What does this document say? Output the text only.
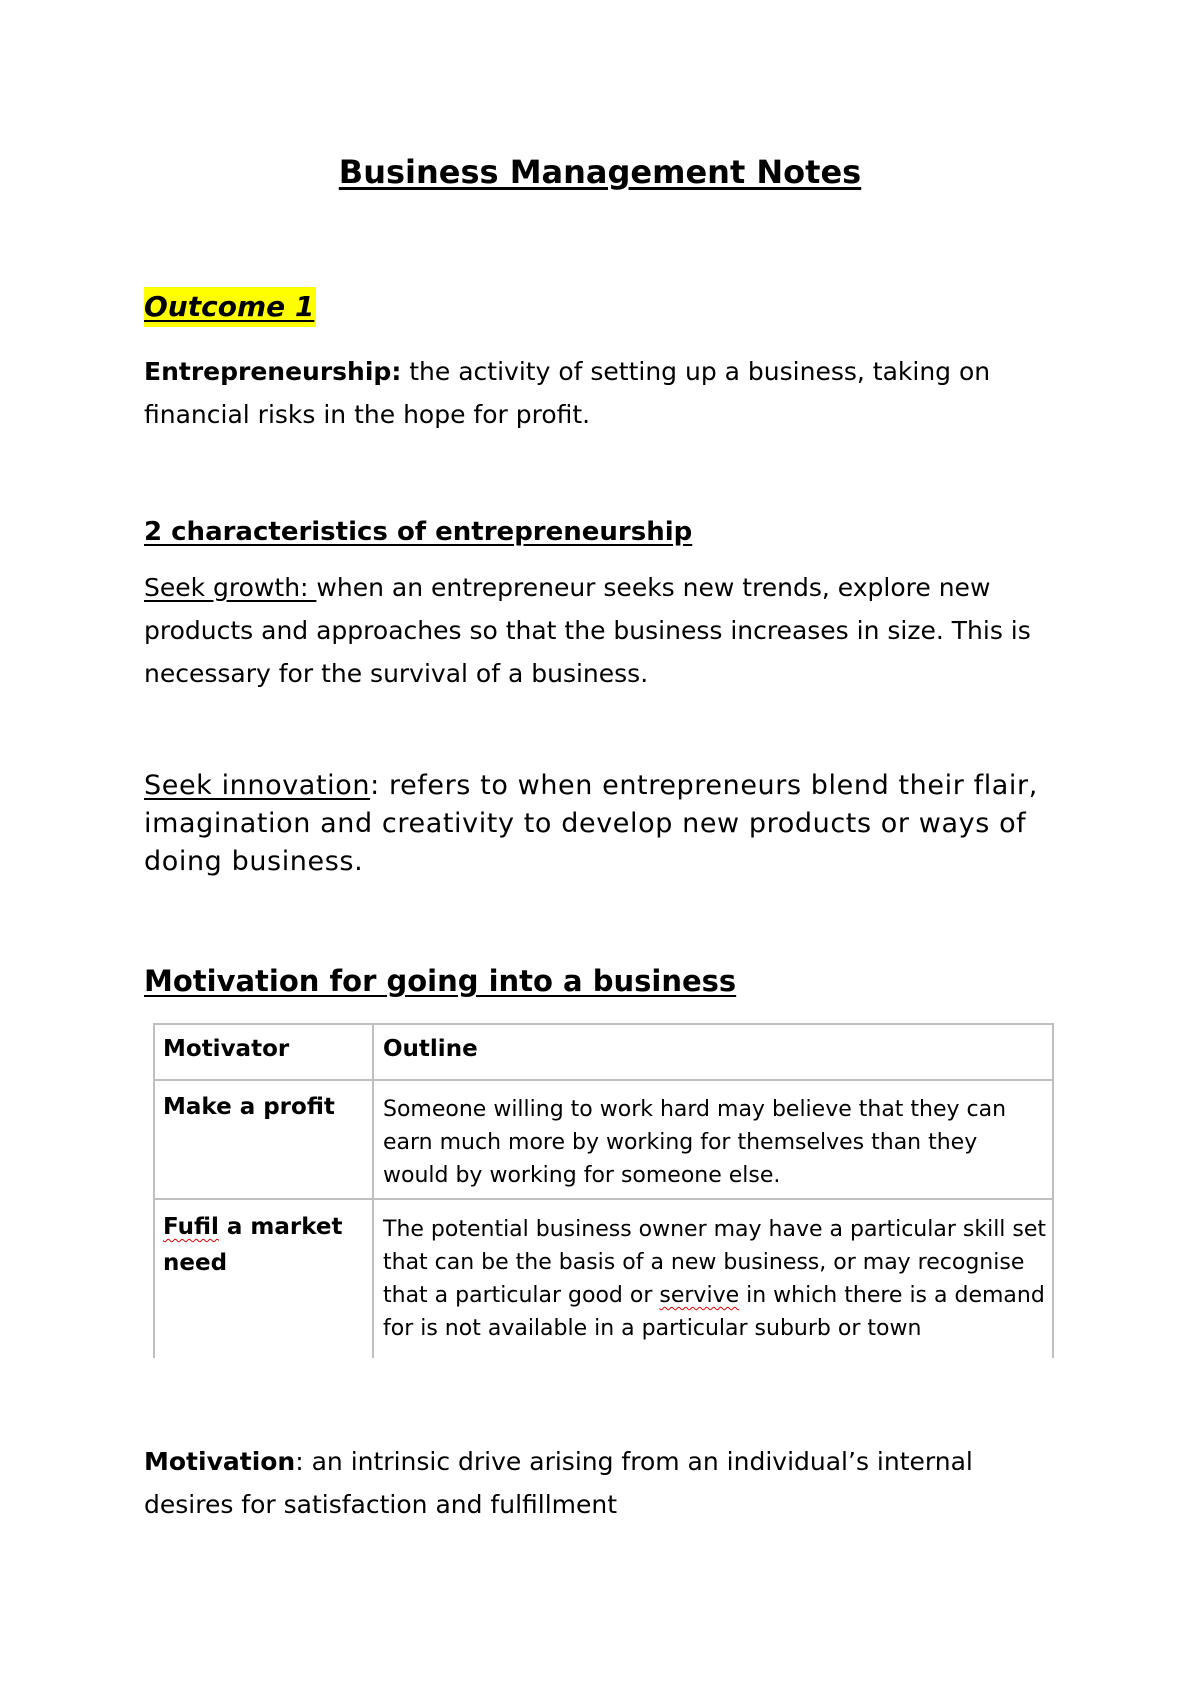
Business Management Notes
Outcome 1

Entrepreneurship: the activity of setting up a business, taking on financial risks in the hope for profit.

2 characteristics of entrepreneurship

Seek growth: when an entrepreneur seeks new trends, explore new products and approaches so that the business increases in size. This is necessary for the survival of a business.

Seek innovation: refers to when entrepreneurs blend their flair, imagination and creativity to develop new products or ways of doing business.

Motivation for going into a business
Motivator	Outline
Make a profit	Someone willing to work hard may believe that they can earn much more by working for themselves than they would by working for someone else.
Fufil a market need
The potential business owner may have a particular skill set that can be the basis of a new business, or may recognise that a particular good or servive in which there is a demand for is not available in a particular suburb or town

Motivation: an intrinsic drive arising from an individual’s internal desires for satisfaction and fulfillment
